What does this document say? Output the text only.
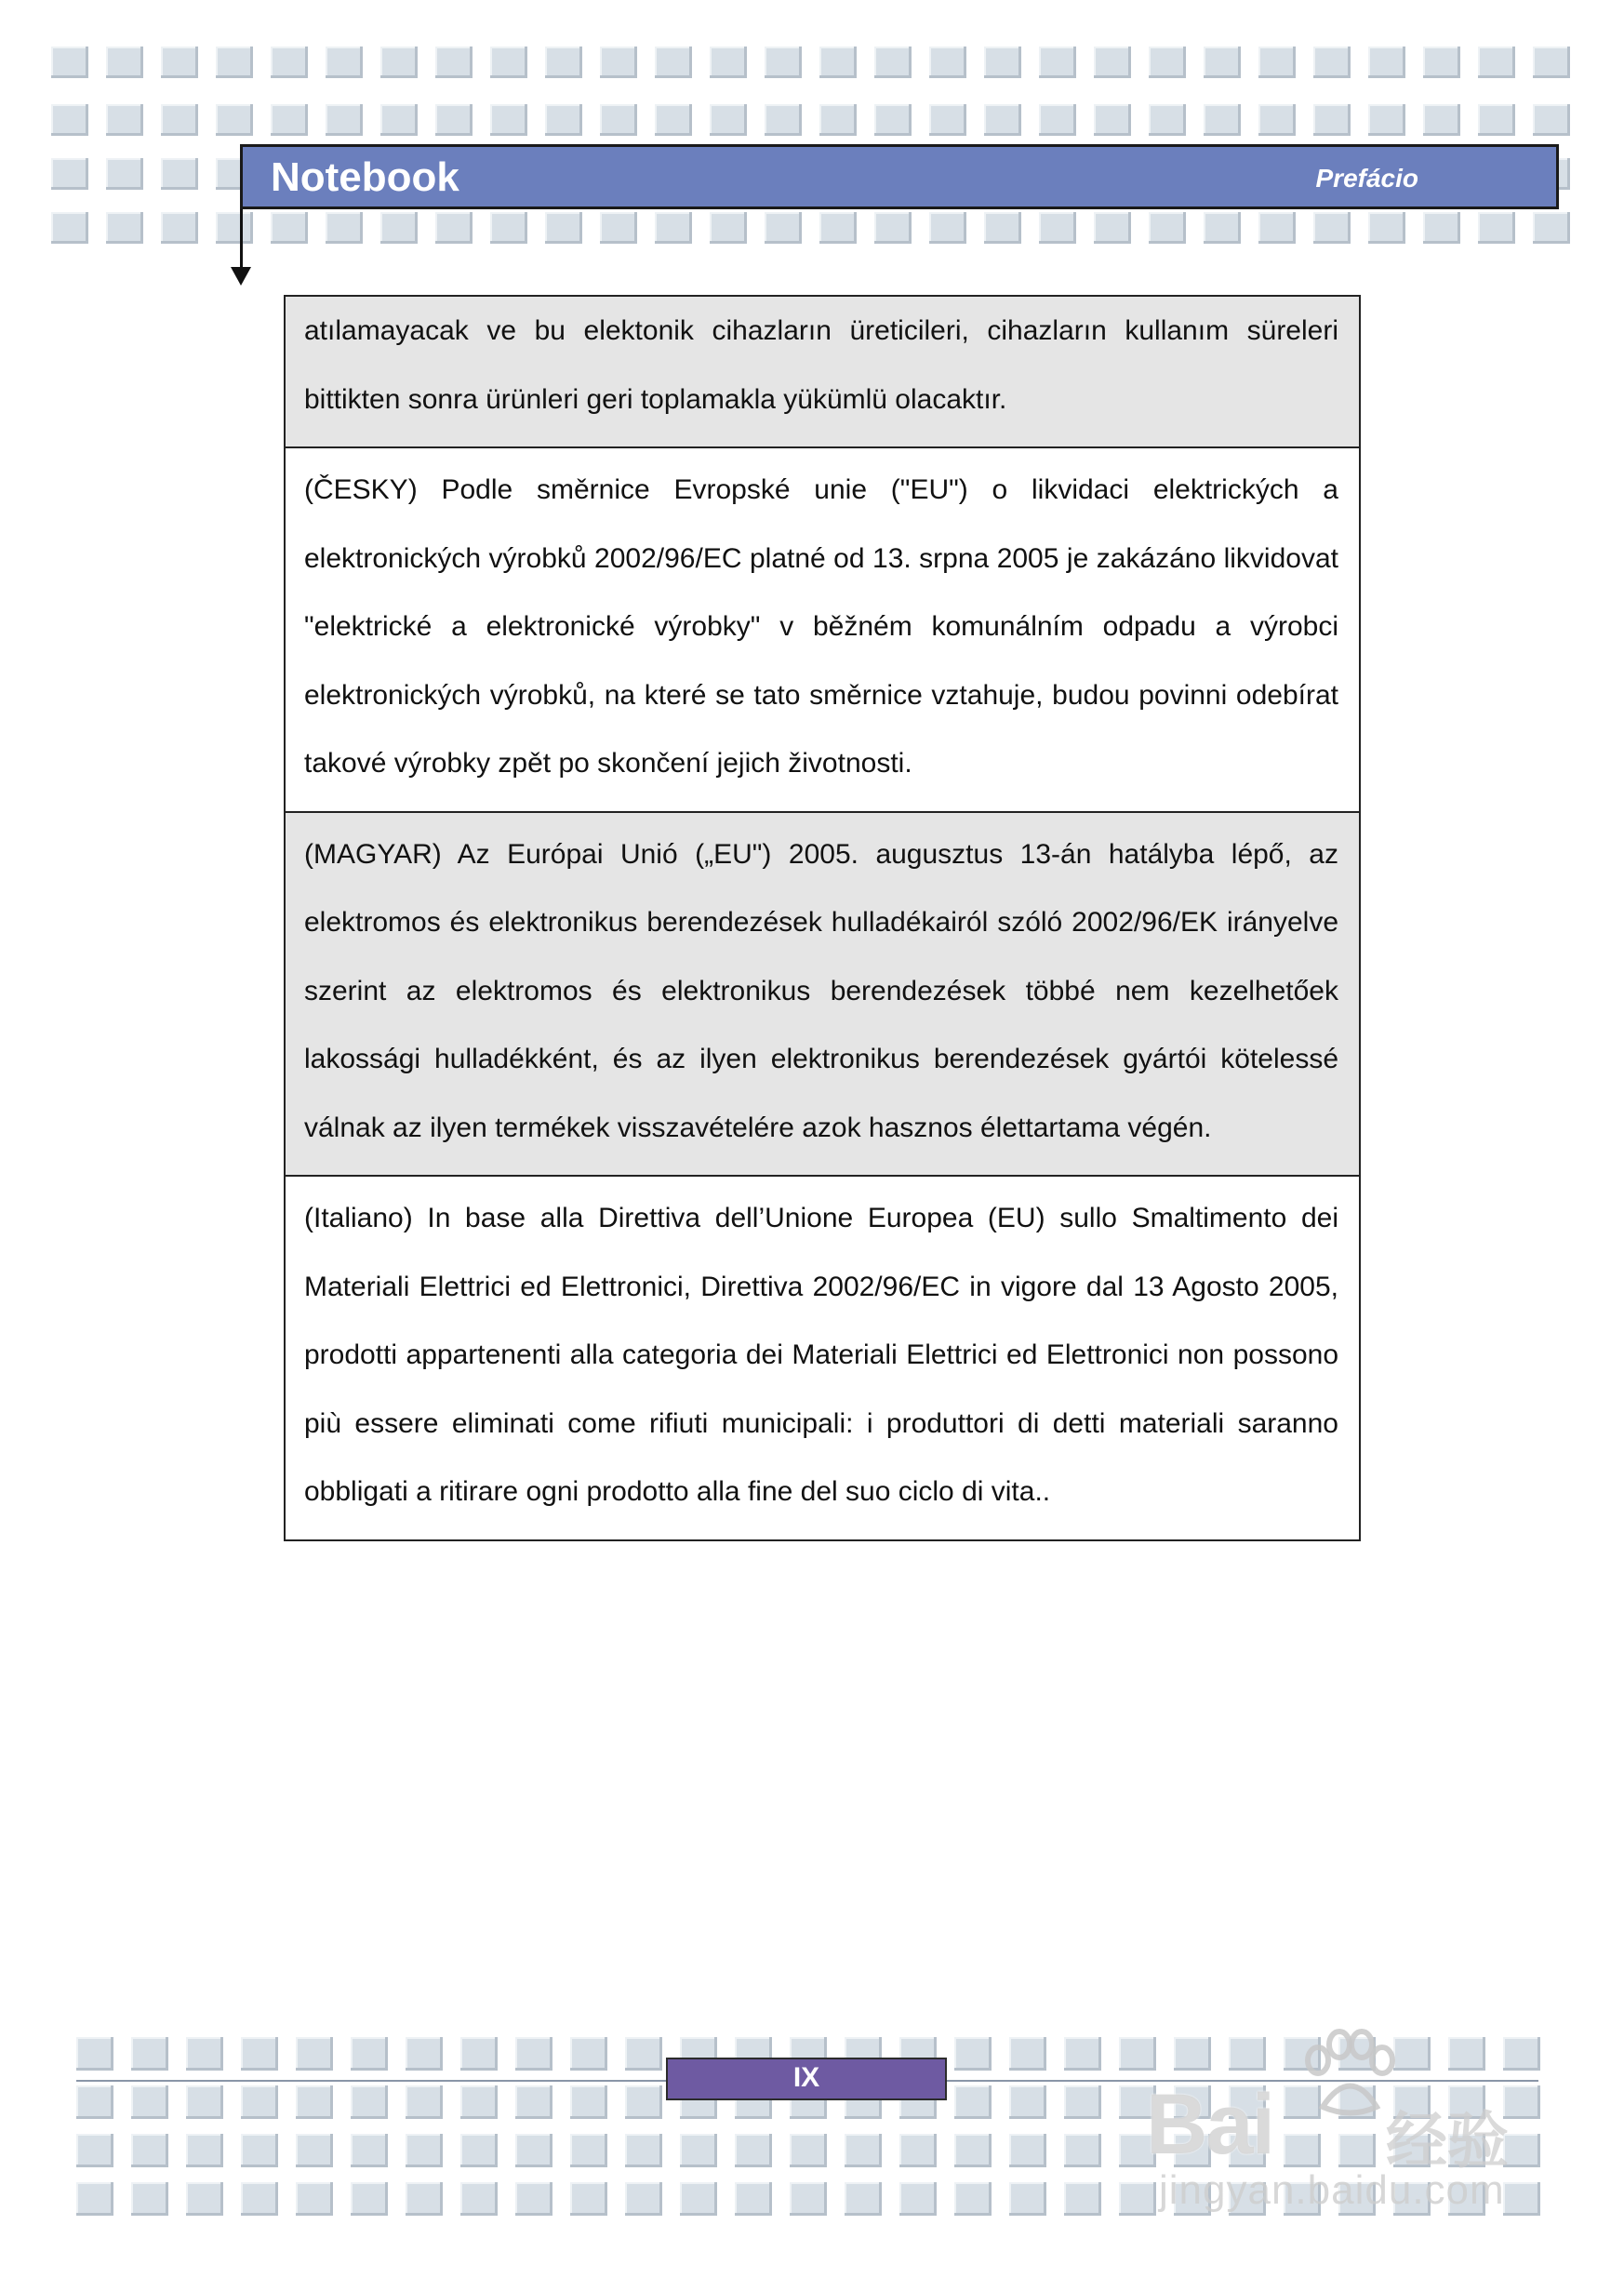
Notebook	Prefácio
atılamayacak ve bu elektonik cihazların üreticileri, cihazların kullanım süreleri bittikten sonra ürünleri geri toplamakla yükümlü olacaktır.
(ČESKY) Podle směrnice Evropské unie ("EU") o likvidaci elektrických a elektronických výrobků 2002/96/EC platné od 13. srpna 2005 je zakázáno likvidovat "elektrické a elektronické výrobky" v běžném komunálním odpadu a výrobci elektronických výrobků, na které se tato směrnice vztahuje, budou povinni odebírat takové výrobky zpět po skončení jejich životnosti.
(MAGYAR) Az Európai Unió („EU") 2005. augusztus 13-án hatályba lépő, az elektromos és elektronikus berendezések hulladékairól szóló 2002/96/EK irányelve szerint az elektromos és elektronikus berendezések többé nem kezelhetőek lakossági hulladékként, és az ilyen elektronikus berendezések gyártói kötelessé válnak az ilyen termékek visszavételére azok hasznos élettartama végén.
(Italiano) In base alla Direttiva dell’Unione Europea (EU) sullo Smaltimento dei Materiali Elettrici ed Elettronici, Direttiva 2002/96/EC in vigore dal 13 Agosto 2005, prodotti appartenenti alla categoria dei Materiali Elettrici ed Elettronici non possono più essere eliminati come rifiuti municipali: i produttori di detti materiali saranno obbligati a ritirare ogni prodotto alla fine del suo ciclo di vita..
IX	Bai 经验
jingyan.baidu.com
